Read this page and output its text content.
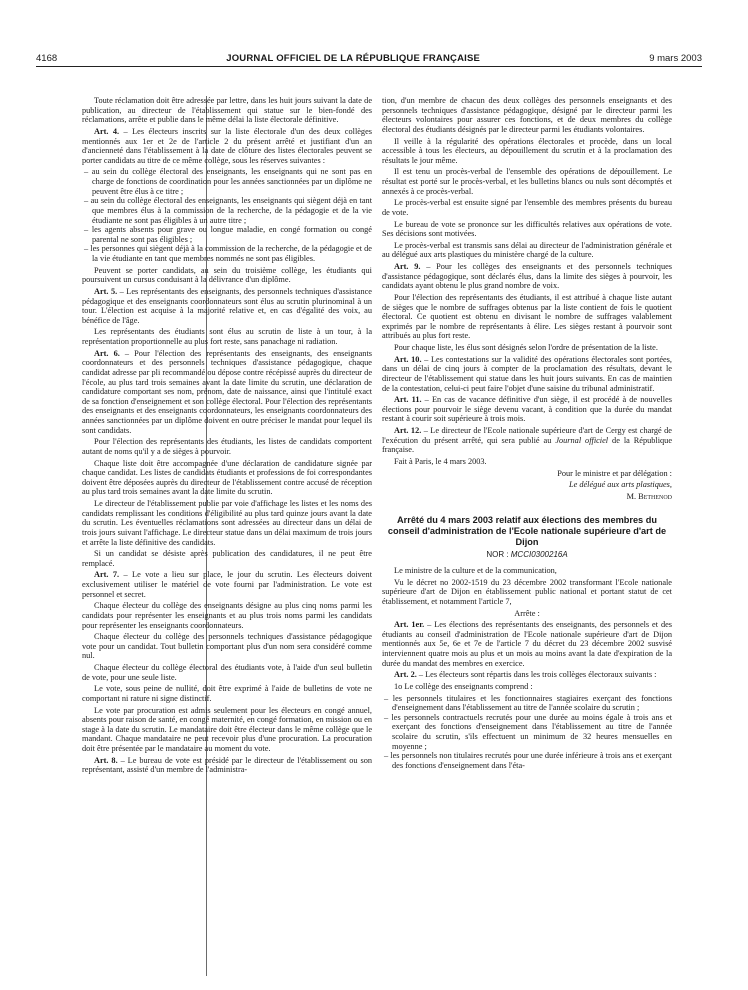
4168	JOURNAL OFFICIEL DE LA RÉPUBLIQUE FRANÇAISE	9 mars 2003

Toute réclamation doit être adressée par lettre, dans les huit jours suivant la date de publication, au directeur de l'établissement qui statue sur le bien-fondé des réclamations, arrête et publie dans le même délai la liste électorale définitive.

Art. 4. – Les électeurs inscrits sur la liste électorale d'un des deux collèges mentionnés aux 1er et 2e de l'article 2 du présent arrêté et justifiant d'un an d'ancienneté dans l'établissement à la date de clôture des listes électorales peuvent se porter candidats au titre de ce même collège, sous les réserves suivantes :

– au sein du collège électoral des enseignants, les enseignants qui ne sont pas en charge de fonctions de coordination pour les années sanctionnées par un diplôme ne peuvent être élus à ce titre ;
– au sein du collège électoral des enseignants, les enseignants qui siègent déjà en tant que membres élus à la commission de la recherche, de la pédagogie et de la vie étudiante ne sont pas éligibles à un autre titre ;
– les agents absents pour grave ou longue maladie, en congé formation ou congé parental ne sont pas éligibles ;
– les personnes qui siègent déjà à la commission de la recherche, de la pédagogie et de la vie étudiante en tant que membres nommés ne sont pas éligibles.

Peuvent se porter candidats, au sein du troisième collège, les étudiants qui poursuivent un cursus conduisant à la délivrance d'un diplôme.

Art. 5. – Les représentants des enseignants, des personnels techniques d'assistance pédagogique et des enseignants coordonnateurs sont élus au scrutin plurinominal à un tour. L'élection est acquise à la majorité relative et, en cas d'égalité des voix, au bénéfice de l'âge.

Les représentants des étudiants sont élus au scrutin de liste à un tour, à la représentation proportionnelle au plus fort reste, sans panachage ni radiation.

Art. 6. – Pour l'élection des représentants des enseignants, des enseignants coordonnateurs et des personnels techniques d'assistance pédagogique, chaque candidat adresse par pli recommandé ou dépose contre récépissé auprès du directeur de l'école, au plus tard trois semaines avant la date limite du scrutin, une déclaration de candidature comportant ses nom, prénom, date de naissance, ainsi que l'intitulé exact de sa fonction d'enseignement et son collège électoral. Pour l'élection des représentants des enseignants et des enseignants coordonnateurs, les enseignants coordonnateurs des années sanctionnées par un diplôme doivent en outre préciser le mandat pour lequel ils sont candidats.

Pour l'élection des représentants des étudiants, les listes de candidats comportent autant de noms qu'il y a de sièges à pourvoir.

Chaque liste doit être accompagnée d'une déclaration de candidature signée par chaque candidat. Les listes de candidats étudiants et professions de foi correspondantes doivent être déposées auprès du directeur de l'établissement contre accusé de réception au plus tard trois semaines avant la date limite du scrutin.

Le directeur de l'établissement publie par voie d'affichage les listes et les noms des candidats remplissant les conditions d'éligibilité au plus tard quinze jours avant la date du scrutin. Les éventuelles réclamations sont adressées au directeur dans un délai de trois jours suivant l'affichage. Le directeur statue dans un délai maximum de trois jours et arrête la liste définitive des candidats.

Si un candidat se désiste après publication des candidatures, il ne peut être remplacé.

Art. 7. – Le vote a lieu sur place, le jour du scrutin. Les électeurs doivent exclusivement utiliser le matériel de vote fourni par l'administration. Le vote est personnel et secret.

Chaque électeur du collège des enseignants désigne au plus cinq noms parmi les candidats pour représenter les enseignants et au plus trois noms parmi les candidats pour représenter les enseignants coordonnateurs.

Chaque électeur du collège des personnels techniques d'assistance pédagogique vote pour un candidat. Tout bulletin comportant plus d'un nom sera considéré comme nul.

Chaque électeur du collège électoral des étudiants vote, à l'aide d'un seul bulletin de vote, pour une seule liste.

Le vote, sous peine de nullité, doit être exprimé à l'aide de bulletins de vote ne comportant ni rature ni signe distinctif.

Le vote par procuration est admis seulement pour les électeurs en congé annuel, absents pour raison de santé, en congé maternité, en congé formation, en mission ou en stage à la date du scrutin. Le mandataire doit être électeur dans le même collège que le mandant. Chaque mandataire ne peut recevoir plus d'une procuration. La procuration doit être présentée par le mandataire au moment du vote.

Art. 8. – Le bureau de vote est présidé par le directeur de l'établissement ou son représentant, assisté d'un membre de l'administra-

tion, d'un membre de chacun des deux collèges des personnels enseignants et des personnels techniques d'assistance pédagogique, désigné par le directeur parmi les électeurs volontaires pour assurer ces fonctions, et de deux membres du collège électoral des étudiants désignés par le directeur parmi les étudiants volontaires.

Il veille à la régularité des opérations électorales et procède, dans un local accessible à tous les électeurs, au dépouillement du scrutin et à la proclamation des résultats le jour même.

Il est tenu un procès-verbal de l'ensemble des opérations de dépouillement. Le résultat est porté sur le procès-verbal, et les bulletins blancs ou nuls sont décomptés et annexés à ce procès-verbal.

Le procès-verbal est ensuite signé par l'ensemble des membres présents du bureau de vote.

Le bureau de vote se prononce sur les difficultés relatives aux opérations de vote. Ses décisions sont motivées.

Le procès-verbal est transmis sans délai au directeur de l'administration générale et au délégué aux arts plastiques du ministère chargé de la culture.

Art. 9. – Pour les collèges des enseignants et des personnels techniques d'assistance pédagogique, sont déclarés élus, dans la limite des sièges à pourvoir, les candidats ayant obtenu le plus grand nombre de voix.

Pour l'élection des représentants des étudiants, il est attribué à chaque liste autant de sièges que le nombre de suffrages obtenus par la liste contient de fois le quotient électoral. Ce quotient est obtenu en divisant le nombre de suffrages valablement exprimés par le nombre de représentants à élire. Les sièges restant à pourvoir sont attribués au plus fort reste.

Pour chaque liste, les élus sont désignés selon l'ordre de présentation de la liste.

Art. 10. – Les contestations sur la validité des opérations électorales sont portées, dans un délai de cinq jours à compter de la proclamation des résultats, devant le directeur de l'établissement qui statue dans les huit jours suivants. En cas de maintien de la contestation, celui-ci peut faire l'objet d'une saisine du tribunal administratif.

Art. 11. – En cas de vacance définitive d'un siège, il est procédé à de nouvelles élections pour pourvoir le siège devenu vacant, à condition que la durée du mandat restant à courir soit supérieure à trois mois.

Art. 12. – Le directeur de l'Ecole nationale supérieure d'art de Cergy est chargé de l'exécution du présent arrêté, qui sera publié au Journal officiel de la République française.

Fait à Paris, le 4 mars 2003.

Pour le ministre et par délégation :

Le délégué aux arts plastiques,

M. Bethenod

Arrêté du 4 mars 2003 relatif aux élections des membres du conseil d'administration de l'Ecole nationale supérieure d'art de Dijon
NOR : MCCI0300216A

Le ministre de la culture et de la communication,

Vu le décret no 2002-1519 du 23 décembre 2002 transformant l'Ecole nationale supérieure d'art de Dijon en établissement public national et portant statut de cet établissement, et notamment l'article 7,

Arrête :

Art. 1er. – Les élections des représentants des enseignants, des personnels et des étudiants au conseil d'administration de l'Ecole nationale supérieure d'art de Dijon mentionnés aux 5e, 6e et 7e de l'article 7 du décret du 23 décembre 2002 susvisé interviennent quatre mois au plus et un mois au moins avant la date d'expiration de la durée du mandat des membres en exercice.

Art. 2. – Les électeurs sont répartis dans les trois collèges électoraux suivants :

1o Le collège des enseignants comprend :

– les personnels titulaires et les fonctionnaires stagiaires exerçant des fonctions d'enseignement dans l'établissement au titre de l'année scolaire du scrutin ;
– les personnels contractuels recrutés pour une durée au moins égale à trois ans et exerçant des fonctions d'enseignement dans l'établissement au titre de l'année scolaire du scrutin, s'ils effectuent un minimum de 32 heures mensuelles en moyenne ;
– les personnels non titulaires recrutés pour une durée inférieure à trois ans et exerçant des fonctions d'enseignement dans l'éta-
